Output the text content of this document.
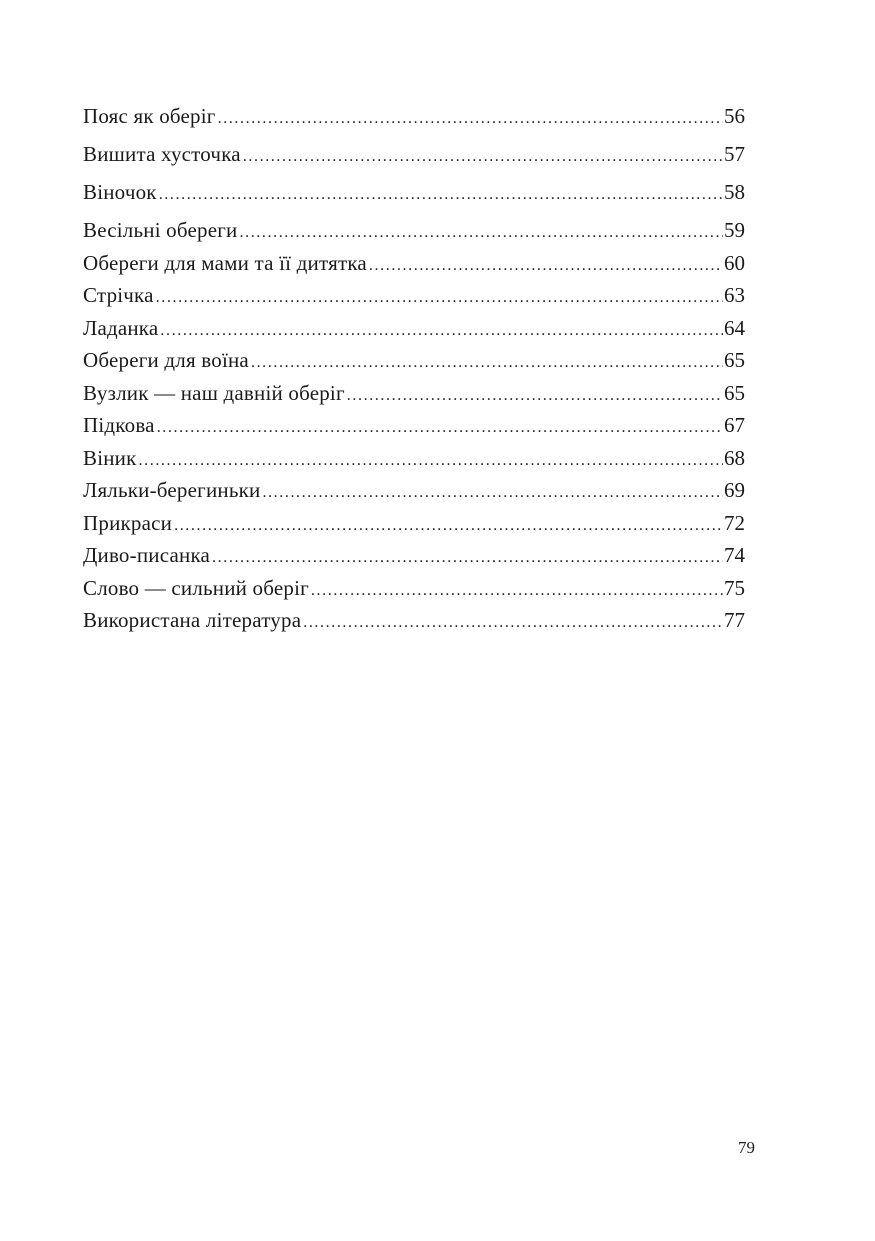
Пояс як оберіг .....	56
Вишита хусточка .....	57
Віночок .....	58
Весільні обереги .....	59
Обереги для мами та її дитятка .....	60
Стрічка .....	63
Ладанка .....	64
Обереги для воїна .....	65
Вузлик — наш давній оберіг .....	65
Підкова .....	67
Віник .....	68
Ляльки-берегиньки .....	69
Прикраси .....	72
Диво-писанка .....	74
Слово — сильний оберіг .....	75
Використана література .....	77
79
